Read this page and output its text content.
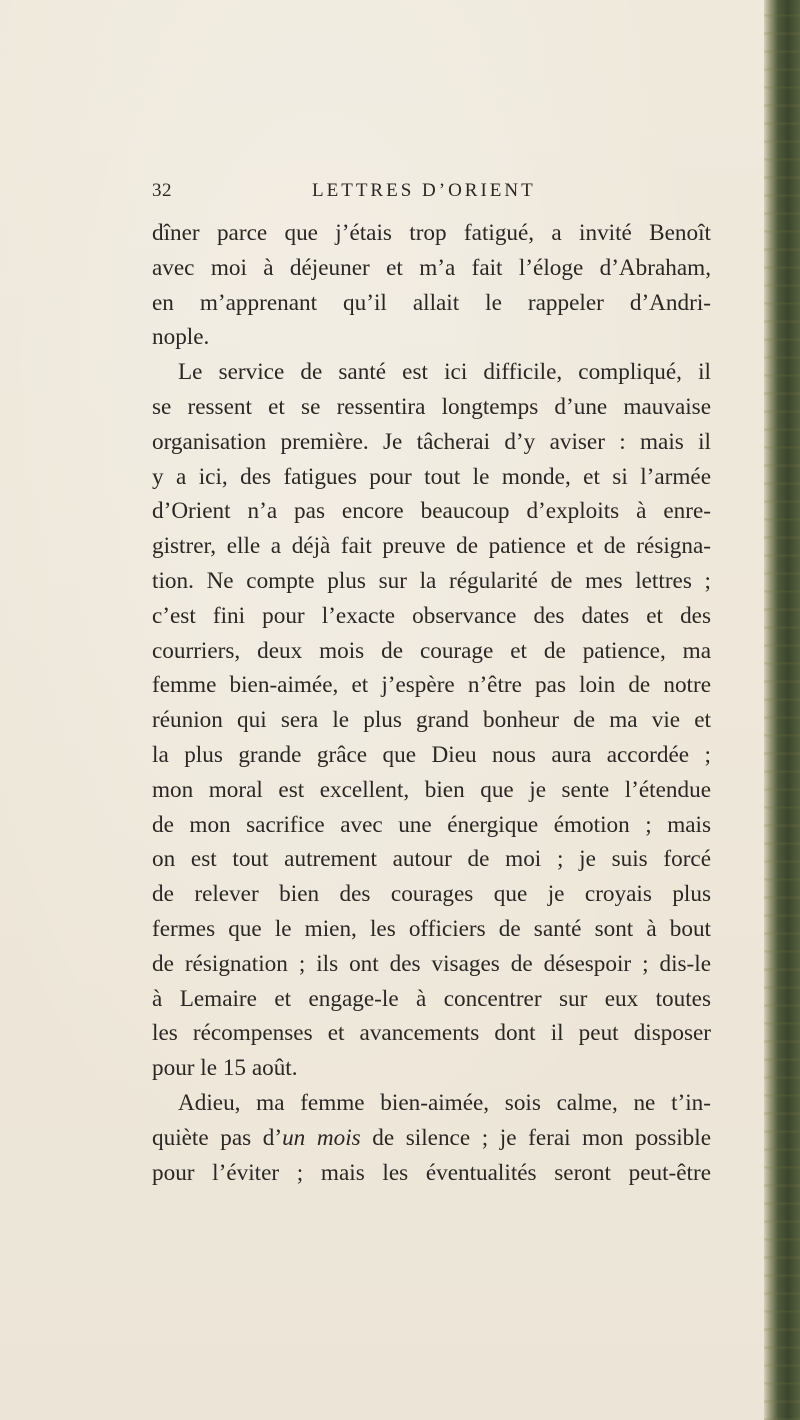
32	LETTRES D’ORIENT
dîner parce que j’étais trop fatigué, a invité Benoît
avec moi à déjeuner et m’a fait l’éloge d’Abraham,
en m’apprenant qu’il allait le rappeler d’Andri-
nople.
Le service de santé est ici difficile, compliqué, il
se ressent et se ressentira longtemps d’une mauvaise
organisation première. Je tâcherai d’y aviser : mais il
y a ici, des fatigues pour tout le monde, et si l’armée
d’Orient n’a pas encore beaucoup d’exploits à enre-
gistrer, elle a déjà fait preuve de patience et de résigna-
tion. Ne compte plus sur la régularité de mes lettres ;
c’est fini pour l’exacte observance des dates et des
courriers, deux mois de courage et de patience, ma
femme bien-aimée, et j’espère n’être pas loin de notre
réunion qui sera le plus grand bonheur de ma vie et
la plus grande grâce que Dieu nous aura accordée ;
mon moral est excellent, bien que je sente l’étendue
de mon sacrifice avec une énergique émotion ; mais
on est tout autrement autour de moi ; je suis forcé
de relever bien des courages que je croyais plus
fermes que le mien, les officiers de santé sont à bout
de résignation ; ils ont des visages de désespoir ; dis-le
à Lemaire et engage-le à concentrer sur eux toutes
les récompenses et avancements dont il peut disposer
pour le 15 août.
Adieu, ma femme bien-aimée, sois calme, ne t’in-
quiète pas d’un mois de silence ; je ferai mon possible
pour l’éviter ; mais les éventualités seront peut-être
